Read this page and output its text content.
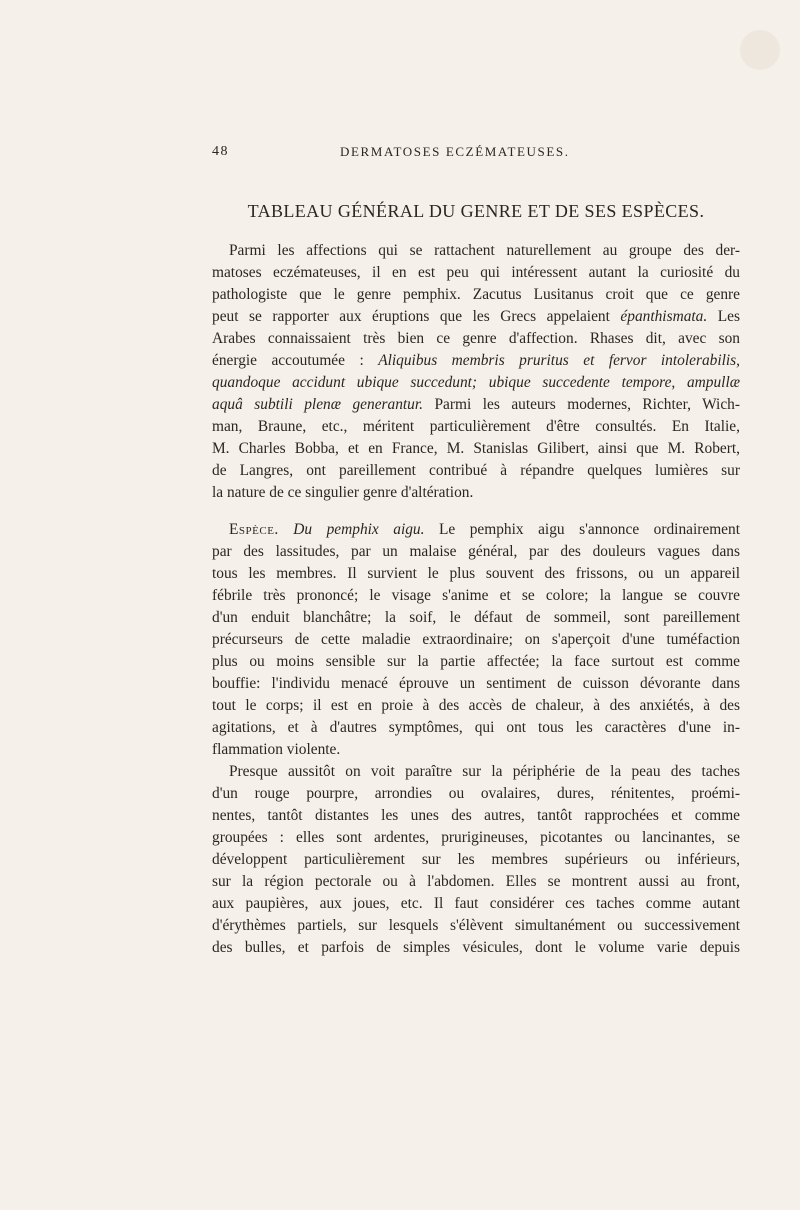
48	DERMATOSES ECZÉMATEUSES.
TABLEAU GÉNÉRAL DU GENRE ET DE SES ESPÈCES.
Parmi les affections qui se rattachent naturellement au groupe des der-
matoses eczémateuses, il en est peu qui intéressent autant la curiosité du
pathologiste que le genre pemphix. Zacutus Lusitanus croit que ce genre
peut se rapporter aux éruptions que les Grecs appelaient épanthismata. Les
Arabes connaissaient très bien ce genre d'affection. Rhases dit, avec son
énergie accoutumée : Aliquibus membris pruritus et fervor intolerabilis,
quandoque accidunt ubique succedunt; ubique succedente tempore, ampullæ
aquâ subtili plenæ generantur. Parmi les auteurs modernes, Richter, Wich-
man, Braune, etc., méritent particulièrement d'être consultés. En Italie,
M. Charles Bobba, et en France, M. Stanislas Gilibert, ainsi que M. Robert,
de Langres, ont pareillement contribué à répandre quelques lumières sur
la nature de ce singulier genre d'altération.
Espèce. Du pemphix aigu. Le pemphix aigu s'annonce ordinairement
par des lassitudes, par un malaise général, par des douleurs vagues dans
tous les membres. Il survient le plus souvent des frissons, ou un appareil
fébrile très prononcé; le visage s'anime et se colore; la langue se couvre
d'un enduit blanchâtre; la soif, le défaut de sommeil, sont pareillement
précurseurs de cette maladie extraordinaire; on s'aperçoit d'une tuméfaction
plus ou moins sensible sur la partie affectée; la face surtout est comme
bouffie: l'individu menacé éprouve un sentiment de cuisson dévorante dans
tout le corps; il est en proie à des accès de chaleur, à des anxiétés, à des
agitations, et à d'autres symptômes, qui ont tous les caractères d'une in-
flammation violente.
Presque aussitôt on voit paraître sur la périphérie de la peau des taches
d'un rouge pourpre, arrondies ou ovalaires, dures, rénitentes, proémi-
nentes, tantôt distantes les unes des autres, tantôt rapprochées et comme
groupées : elles sont ardentes, prurigineuses, picotantes ou lancinantes, se
développent particulièrement sur les membres supérieurs ou inférieurs,
sur la région pectorale ou à l'abdomen. Elles se montrent aussi au front,
aux paupières, aux joues, etc. Il faut considérer ces taches comme autant
d'érythèmes partiels, sur lesquels s'élèvent simultanément ou successivement
des bulles, et parfois de simples vésicules, dont le volume varie depuis
